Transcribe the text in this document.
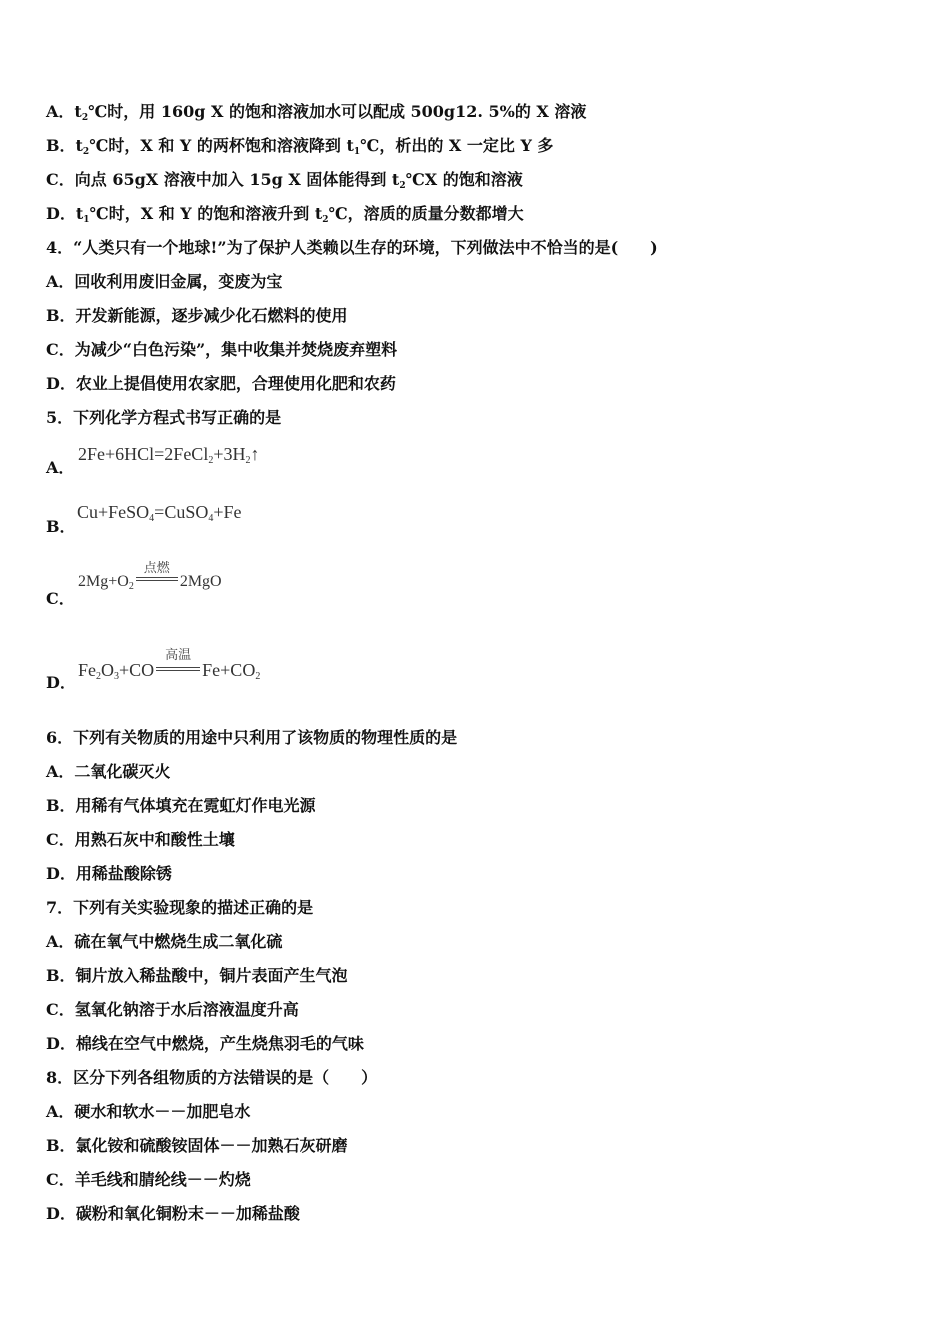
A．$t_2℃$时，用 160g X 的饱和溶液加水可以配成 500g12. 5%的 X 溶液
B．$t_2℃$时，X 和 Y 的两杯饱和溶液降到 $t_1℃$，析出的 X 一定比 Y 多
C．向点 65gX 溶液中加入 15g X 固体能得到 $t_2℃X$ 的饱和溶液
D．$t_1℃$时，X 和 Y 的饱和溶液升到 $t_2℃$，溶质的质量分数都增大
4．“人类只有一个地球!”为了保护人类赖以生存的环境，下列做法中不恰当的是(　　)
A．回收利用废旧金属，变废为宝
B．开发新能源，逐步减少化石燃料的使用
C．为减少“白色污染”，集中收集并焚烧废弃塑料
D．农业上提倡使用农家肥，合理使用化肥和农药
5．下列化学方程式书写正确的是
A．
$2Fe+6HCl=2FeCl_2+3H_2↑$
B．
Cu+FeSO$_4$=CuSO$_4$+Fe
C．
$2Mg+O_2$
点燃
2MgO
D．
$Fe_2O_3+CO$
高温
$Fe+CO_2$
6．下列有关物质的用途中只利用了该物质的物理性质的是
A．二氧化碳灭火
B．用稀有气体填充在霓虹灯作电光源
C．用熟石灰中和酸性土壤
D．用稀盐酸除锈
7．下列有关实验现象的描述正确的是
A．硫在氧气中燃烧生成二氧化硫
B．铜片放入稀盐酸中，铜片表面产生气泡
C．氢氧化钠溶于水后溶液温度升高
D．棉线在空气中燃烧，产生烧焦羽毛的气味
8．区分下列各组物质的方法错误的是（　　）
A．硬水和软水－－加肥皂水
B．氯化铵和硫酸铵固体－－加熟石灰研磨
C．羊毛线和腈纶线－－灼烧
D．碳粉和氧化铜粉末－－加稀盐酸
